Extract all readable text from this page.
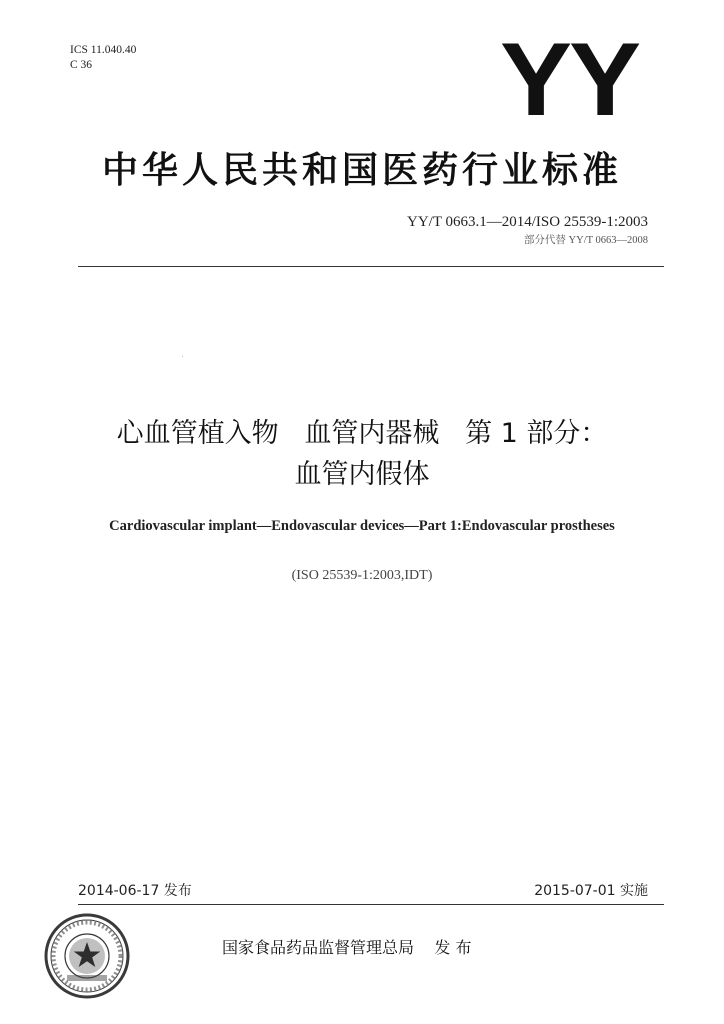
ICS 11.040.40
C 36	YY
中华人民共和国医药行业标准
YY/T 0663.1—2014/ISO 25539-1:2003
部分代替 YY/T 0663—2008
心血管植入物   血管内器械   第 1 部分：
血管内假体
Cardiovascular implant—Endovascular devices—Part 1:Endovascular prostheses
(ISO 25539-1:2003,IDT)
2014-06-17 发布	2015-07-01 实施
国家食品药品监督管理总局 发 布
